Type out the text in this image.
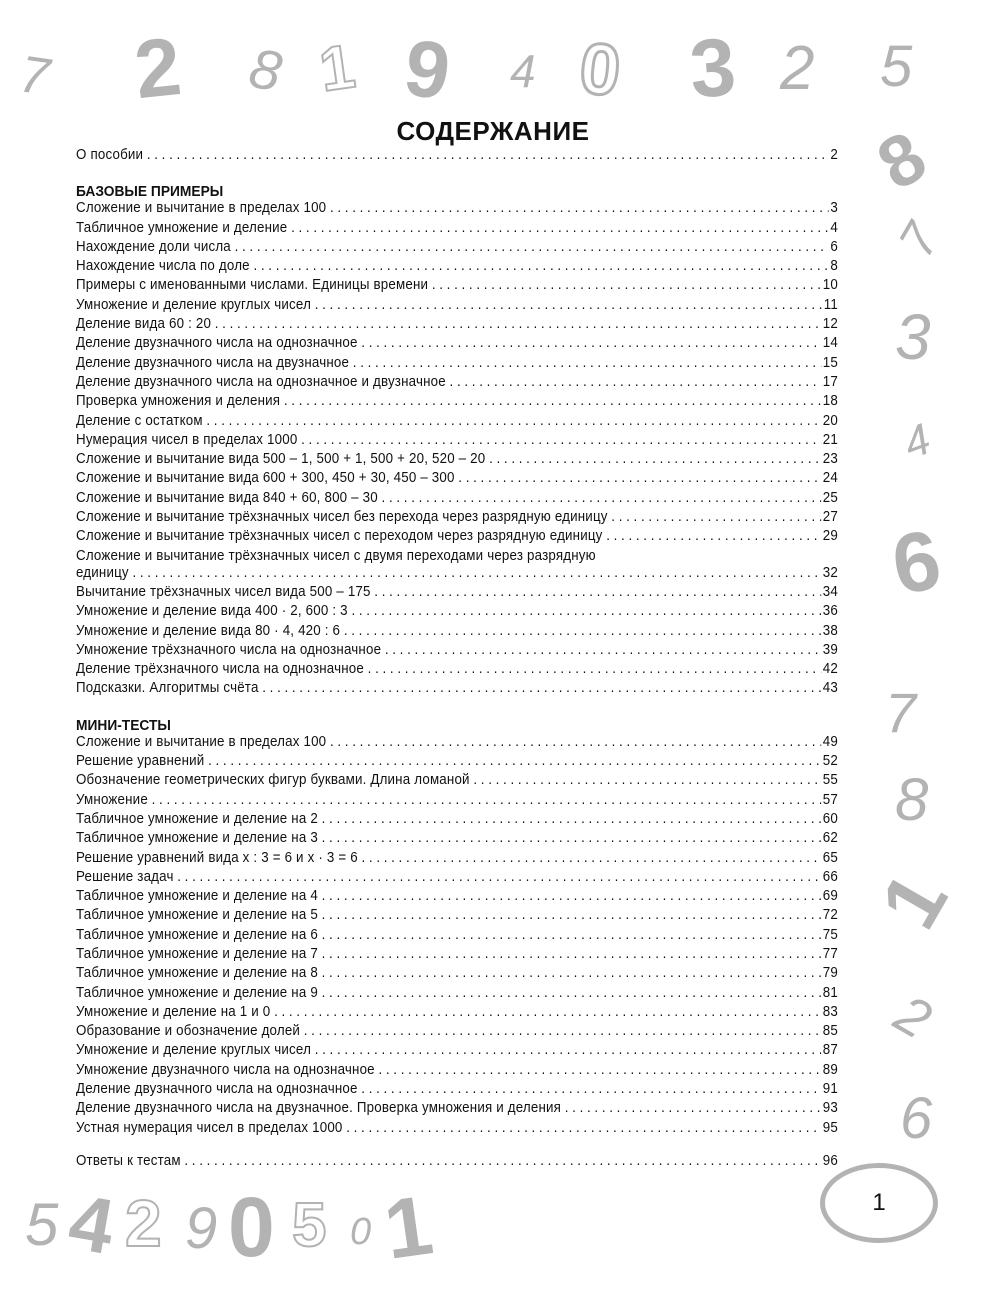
7 2 8 1 9 4 0 3 2 5
8
7
3
4
6
7
8
1
2
6
5 4 2 9 0 5 0 1
СОДЕРЖАНИЕ
О пособии . . .	2
БАЗОВЫЕ ПРИМЕРЫ
Сложение и вычитание в пределах 100 . . .	3
Табличное умножение и деление . . .	4
Нахождение доли числа . . .	6
Нахождение числа по доле . . .	8
Примеры с именованными числами. Единицы времени . . .	10
Умножение и деление круглых чисел . . .	11
Деление вида 60 : 20 . . .	12
Деление двузначного числа на однозначное . . .	14
Деление двузначного числа на двузначное . . .	15
Деление двузначного числа на однозначное и двузначное . . .	17
Проверка умножения и деления . . .	18
Деление с остатком . . .	20
Нумерация чисел в пределах 1000 . . .	21
Сложение и вычитание вида 500 – 1, 500 + 1, 500 + 20, 520 – 20 . . .	23
Сложение и вычитание вида 600 + 300, 450 + 30, 450 – 300 . . .	24
Сложение и вычитание вида 840 + 60, 800 – 30 . . .	25
Сложение и вычитание трёхзначных чисел без перехода через разрядную единицу . . .	27
Сложение и вычитание трёхзначных чисел с переходом через разрядную единицу . . .	29
Сложение и вычитание трёхзначных чисел с двумя переходами через разрядную
единицу . . .	32
Вычитание трёхзначных чисел вида 500 – 175 . . .	34
Умножение и деление вида 400 · 2, 600 : 3 . . .	36
Умножение и деление вида 80 · 4, 420 : 6 . . .	38
Умножение трёхзначного числа на однозначное . . .	39
Деление трёхзначного числа на однозначное . . .	42
Подсказки. Алгоритмы счёта . . .	43
МИНИ-ТЕСТЫ
Сложение и вычитание в пределах 100 . . .	49
Решение уравнений . . .	52
Обозначение геометрических фигур буквами. Длина ломаной . . .	55
Умножение . . .	57
Табличное умножение и деление на 2 . . .	60
Табличное умножение и деление на 3 . . .	62
Решение уравнений вида x : 3 = 6 и x · 3 = 6 . . .	65
Решение задач . . .	66
Табличное умножение и деление на 4 . . .	69
Табличное умножение и деление на 5 . . .	72
Табличное умножение и деление на 6 . . .	75
Табличное умножение и деление на 7 . . .	77
Табличное умножение и деление на 8 . . .	79
Табличное умножение и деление на 9 . . .	81
Умножение и деление на 1 и 0 . . .	83
Образование и обозначение долей . . .	85
Умножение и деление круглых чисел . . .	87
Умножение двузначного числа на однозначное . . .	89
Деление двузначного числа на однозначное . . .	91
Деление двузначного числа на двузначное. Проверка умножения и деления . . .	93
Устная нумерация чисел в пределах 1000 . . .	95
Ответы к тестам . . .	96
1
